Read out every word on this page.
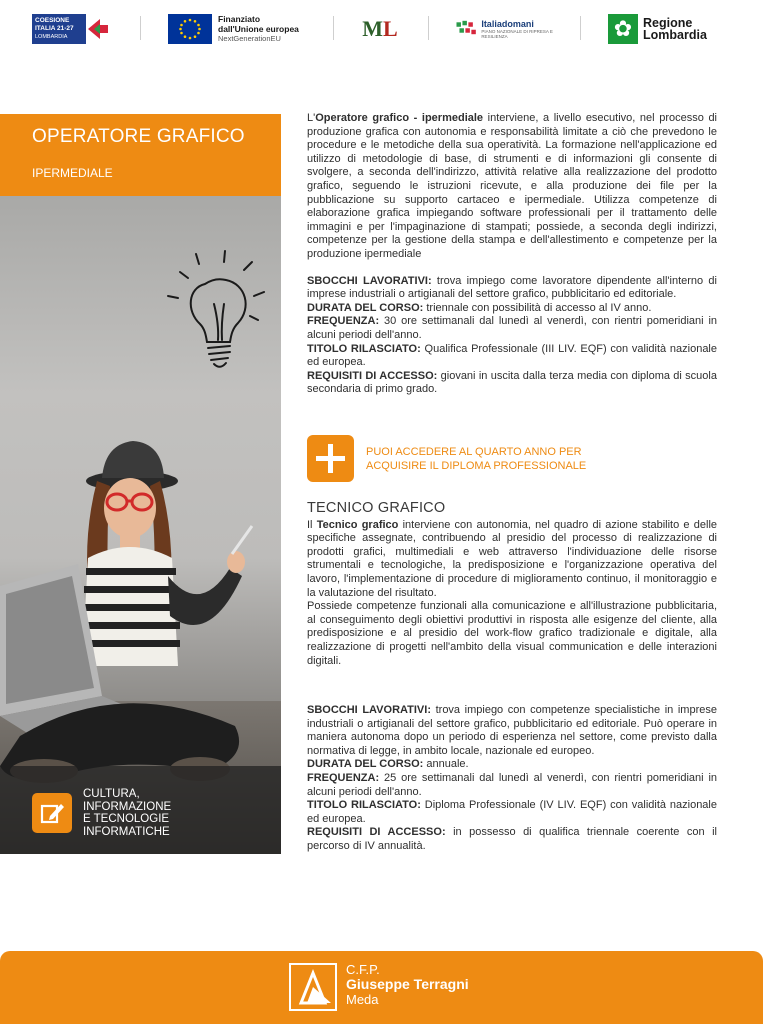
COESIONE
ITALIA 21-27
LOMBARDIA
Finanziato
dall'Unione europea
NextGenerationEU	ML	Italiadomani
PIANO NAZIONALE DI RIPRESA E RESILIENZA	✿ Regione
Lombardia
OPERATORE GRAFICO
IPERMEDIALE
CULTURA,
INFORMAZIONE
E TECNOLOGIE
INFORMATICHE

L'Operatore grafico - ipermediale interviene, a livello esecutivo, nel processo di produzione grafica con autonomia e responsabilità limitate a ciò che prevedono le procedure e le metodiche della sua operatività. La formazione nell'applicazione ed utilizzo di metodologie di base, di strumenti e di informazioni gli consente di svolgere, a seconda dell'indirizzo, attività relative alla realizzazione del prodotto grafico, seguendo le istruzioni ricevute, e alla produzione dei file per la pubblicazione su supporto cartaceo e ipermediale. Utilizza competenze di elaborazione grafica impiegando software professionali per il trattamento delle immagini e per l'impaginazione di stampati; possiede, a seconda degli indirizzi, competenze per la gestione della stampa e dell'allestimento e competenze per la produzione ipermediale

SBOCCHI LAVORATIVI: trova impiego come lavoratore dipendente all'interno di imprese industriali o artigianali del settore grafico, pubblicitario ed editoriale.

DURATA DEL CORSO: triennale con possibilità di accesso al IV anno.

FREQUENZA: 30 ore settimanali dal lunedì al venerdì, con rientri pomeridiani in alcuni periodi dell'anno.

TITOLO RILASCIATO: Qualifica Professionale (III LIV. EQF) con validità nazionale ed europea.

REQUISITI DI ACCESSO: giovani in uscita dalla terza media con diploma di scuola secondaria di primo grado.

PUOI ACCEDERE AL QUARTO ANNO PER ACQUISIRE IL DIPLOMA PROFESSIONALE
TECNICO GRAFICO

Il Tecnico grafico interviene con autonomia, nel quadro di azione stabilito e delle specifiche assegnate, contribuendo al presidio del processo di realizzazione di prodotti grafici, multimediali e web attraverso l'individuazione delle risorse strumentali e tecnologiche, la predisposizione e l'organizzazione operativa del lavoro, l'implementazione di procedure di miglioramento continuo, il monitoraggio e la valutazione del risultato.

Possiede competenze funzionali alla comunicazione e all'illustrazione pubblicitaria, al conseguimento degli obiettivi produttivi in risposta alle esigenze del cliente, alla predisposizione e al presidio del work-flow grafico tradizionale e digitale, alla realizzazione di progetti nell'ambito della visual communication e delle interazioni digitali.

SBOCCHI LAVORATIVI: trova impiego con competenze specialistiche in imprese industriali o artigianali del settore grafico, pubblicitario ed editoriale. Può operare in maniera autonoma dopo un periodo di esperienza nel settore, come previsto dalla normativa di legge, in ambito locale, nazionale ed europeo.

DURATA DEL CORSO: annuale.

FREQUENZA: 25 ore settimanali dal lunedì al venerdì, con rientri pomeridiani in alcuni periodi dell'anno.

TITOLO RILASCIATO: Diploma Professionale (IV LIV. EQF) con validità nazionale ed europea.

REQUISITI DI ACCESSO: in possesso di qualifica triennale coerente con il percorso di IV annualità.

C.F.P.
Giuseppe Terragni
Meda
